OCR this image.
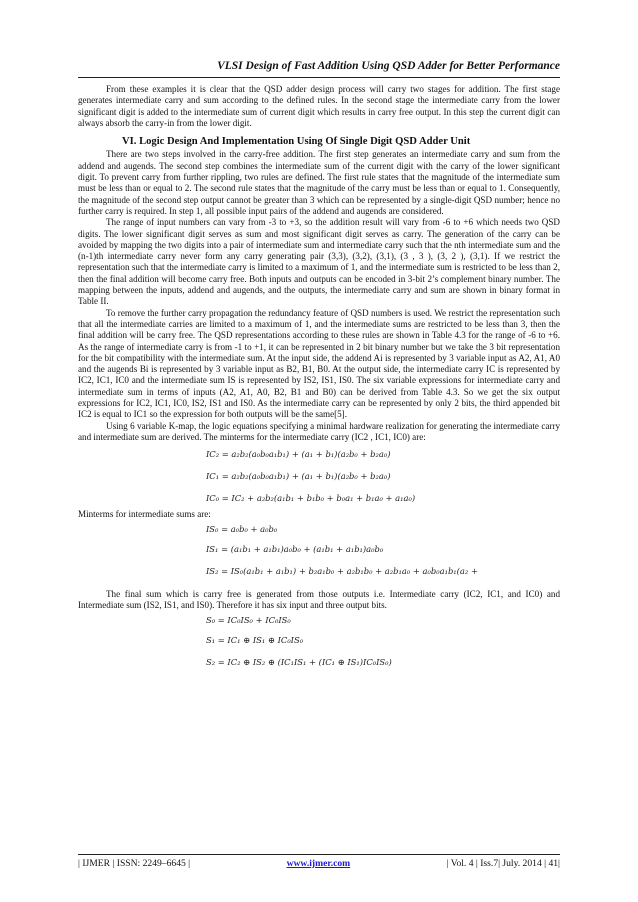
VLSI Design of Fast Addition Using QSD Adder for Better Performance

From these examples it is clear that the QSD adder design process will carry two stages for addition. The first stage generates intermediate carry and sum according to the defined rules. In the second stage the intermediate carry from the lower significant digit is added to the intermediate sum of current digit which results in carry free output. In this step the current digit can always absorb the carry-in from the lower digit.

VI. Logic Design And Implementation Using Of Single Digit QSD Adder Unit

There are two steps involved in the carry-free addition. The first step generates an intermediate carry and sum from the addend and augends. The second step combines the intermediate sum of the current digit with the carry of the lower significant digit. To prevent carry from further rippling, two rules are defined. The first rule states that the magnitude of the intermediate sum must be less than or equal to 2. The second rule states that the magnitude of the carry must be less than or equal to 1. Consequently, the magnitude of the second step output cannot be greater than 3 which can be represented by a single-digit QSD number; hence no further carry is required. In step 1, all possible input pairs of the addend and augends are considered.

The range of input numbers can vary from -3 to +3, so the addition result will vary from -6 to +6 which needs two QSD digits. The lower significant digit serves as sum and most significant digit serves as carry. The generation of the carry can be avoided by mapping the two digits into a pair of intermediate sum and intermediate carry such that the nth intermediate sum and the (n-1)th intermediate carry never form any carry generating pair (3,3), (3,2), (3,1), (3 , 3 ), (3, 2 ), (3,1). If we restrict the representation such that the intermediate carry is limited to a maximum of 1, and the intermediate sum is restricted to be less than 2, then the final addition will become carry free. Both inputs and outputs can be encoded in 3-bit 2’s complement binary number. The mapping between the inputs, addend and augends, and the outputs, the intermediate carry and sum are shown in binary format in Table II.

To remove the further carry propagation the redundancy feature of QSD numbers is used. We restrict the representation such that all the intermediate carries are limited to a maximum of 1, and the intermediate sums are restricted to be less than 3, then the final addition will be carry free. The QSD representations according to these rules are shown in Table 4.3 for the range of -6 to +6. As the range of intermediate carry is from -1 to +1, it can be represented in 2 bit binary number but we take the 3 bit representation for the bit compatibility with the intermediate sum. At the input side, the addend Ai is represented by 3 variable input as A2, A1, A0 and the augends Bi is represented by 3 variable input as B2, B1, B0. At the output side, the intermediate carry IC is represented by IC2, IC1, IC0 and the intermediate sum IS is represented by IS2, IS1, IS0. The six variable expressions for intermediate carry and intermediate sum in terms of inputs (A2, A1, A0, B2, B1 and B0) can be derived from Table 4.3. So we get the six output expressions for IC2, IC1, IC0, IS2, IS1 and IS0. As the intermediate carry can be represented by only 2 bits, the third appended bit IC2 is equal to IC1 so the expression for both outputs will be the same[5].

Using 6 variable K-map, the logic equations specifying a minimal hardware realization for generating the intermediate carry and intermediate sum are derived. The minterms for the intermediate carry (IC2 , IC1, IC0) are:

IC₂ = a₂b₂(a₀b₀a₁b₁) + (a₁ + b₁)(a₂b₀ + b₂a₀)
IC₁ = a₂b₂(a₀b₀a₁b₁) + (a₁ + b₁)(a₂b₀ + b₂a₀)
IC₀ = IC₂ + a₂b₂(a₁b₁ + b₁b₀ + b₀a₁ + b₁a₀ + a₁a₀)

Minterms for intermediate sums are:

IS₀ = a₀b₀ + a₀b₀
IS₁ = (a₁b₁ + a₁b₁)a₀b₀ + (a₁b₁ + a₁b₁)a₀b₀
IS₂ = IS₀(a₁b₁ + a₁b₁) + b₂a₁b₀ + a₂b₁b₀ + a₂b₁a₀ + a₀b₀a₁b₁(a₂ +

The final sum which is carry free is generated from those outputs i.e. Intermediate carry (IC2, IC1, and IC0) and Intermediate sum (IS2, IS1, and IS0). Therefore it has six input and three output bits.

S₀ = IC₀IS₀ + IC₀IS₀
S₁ = IC₁ ⊕ IS₁ ⊕ IC₀IS₀
S₂ = IC₂ ⊕ IS₂ ⊕ (IC₁IS₁ + (IC₁ ⊕ IS₁)IC₀IS₀)
| IJMER | ISSN: 2249–6645 |	www.ijmer.com	| Vol. 4 | Iss.7| July. 2014 | 41|
